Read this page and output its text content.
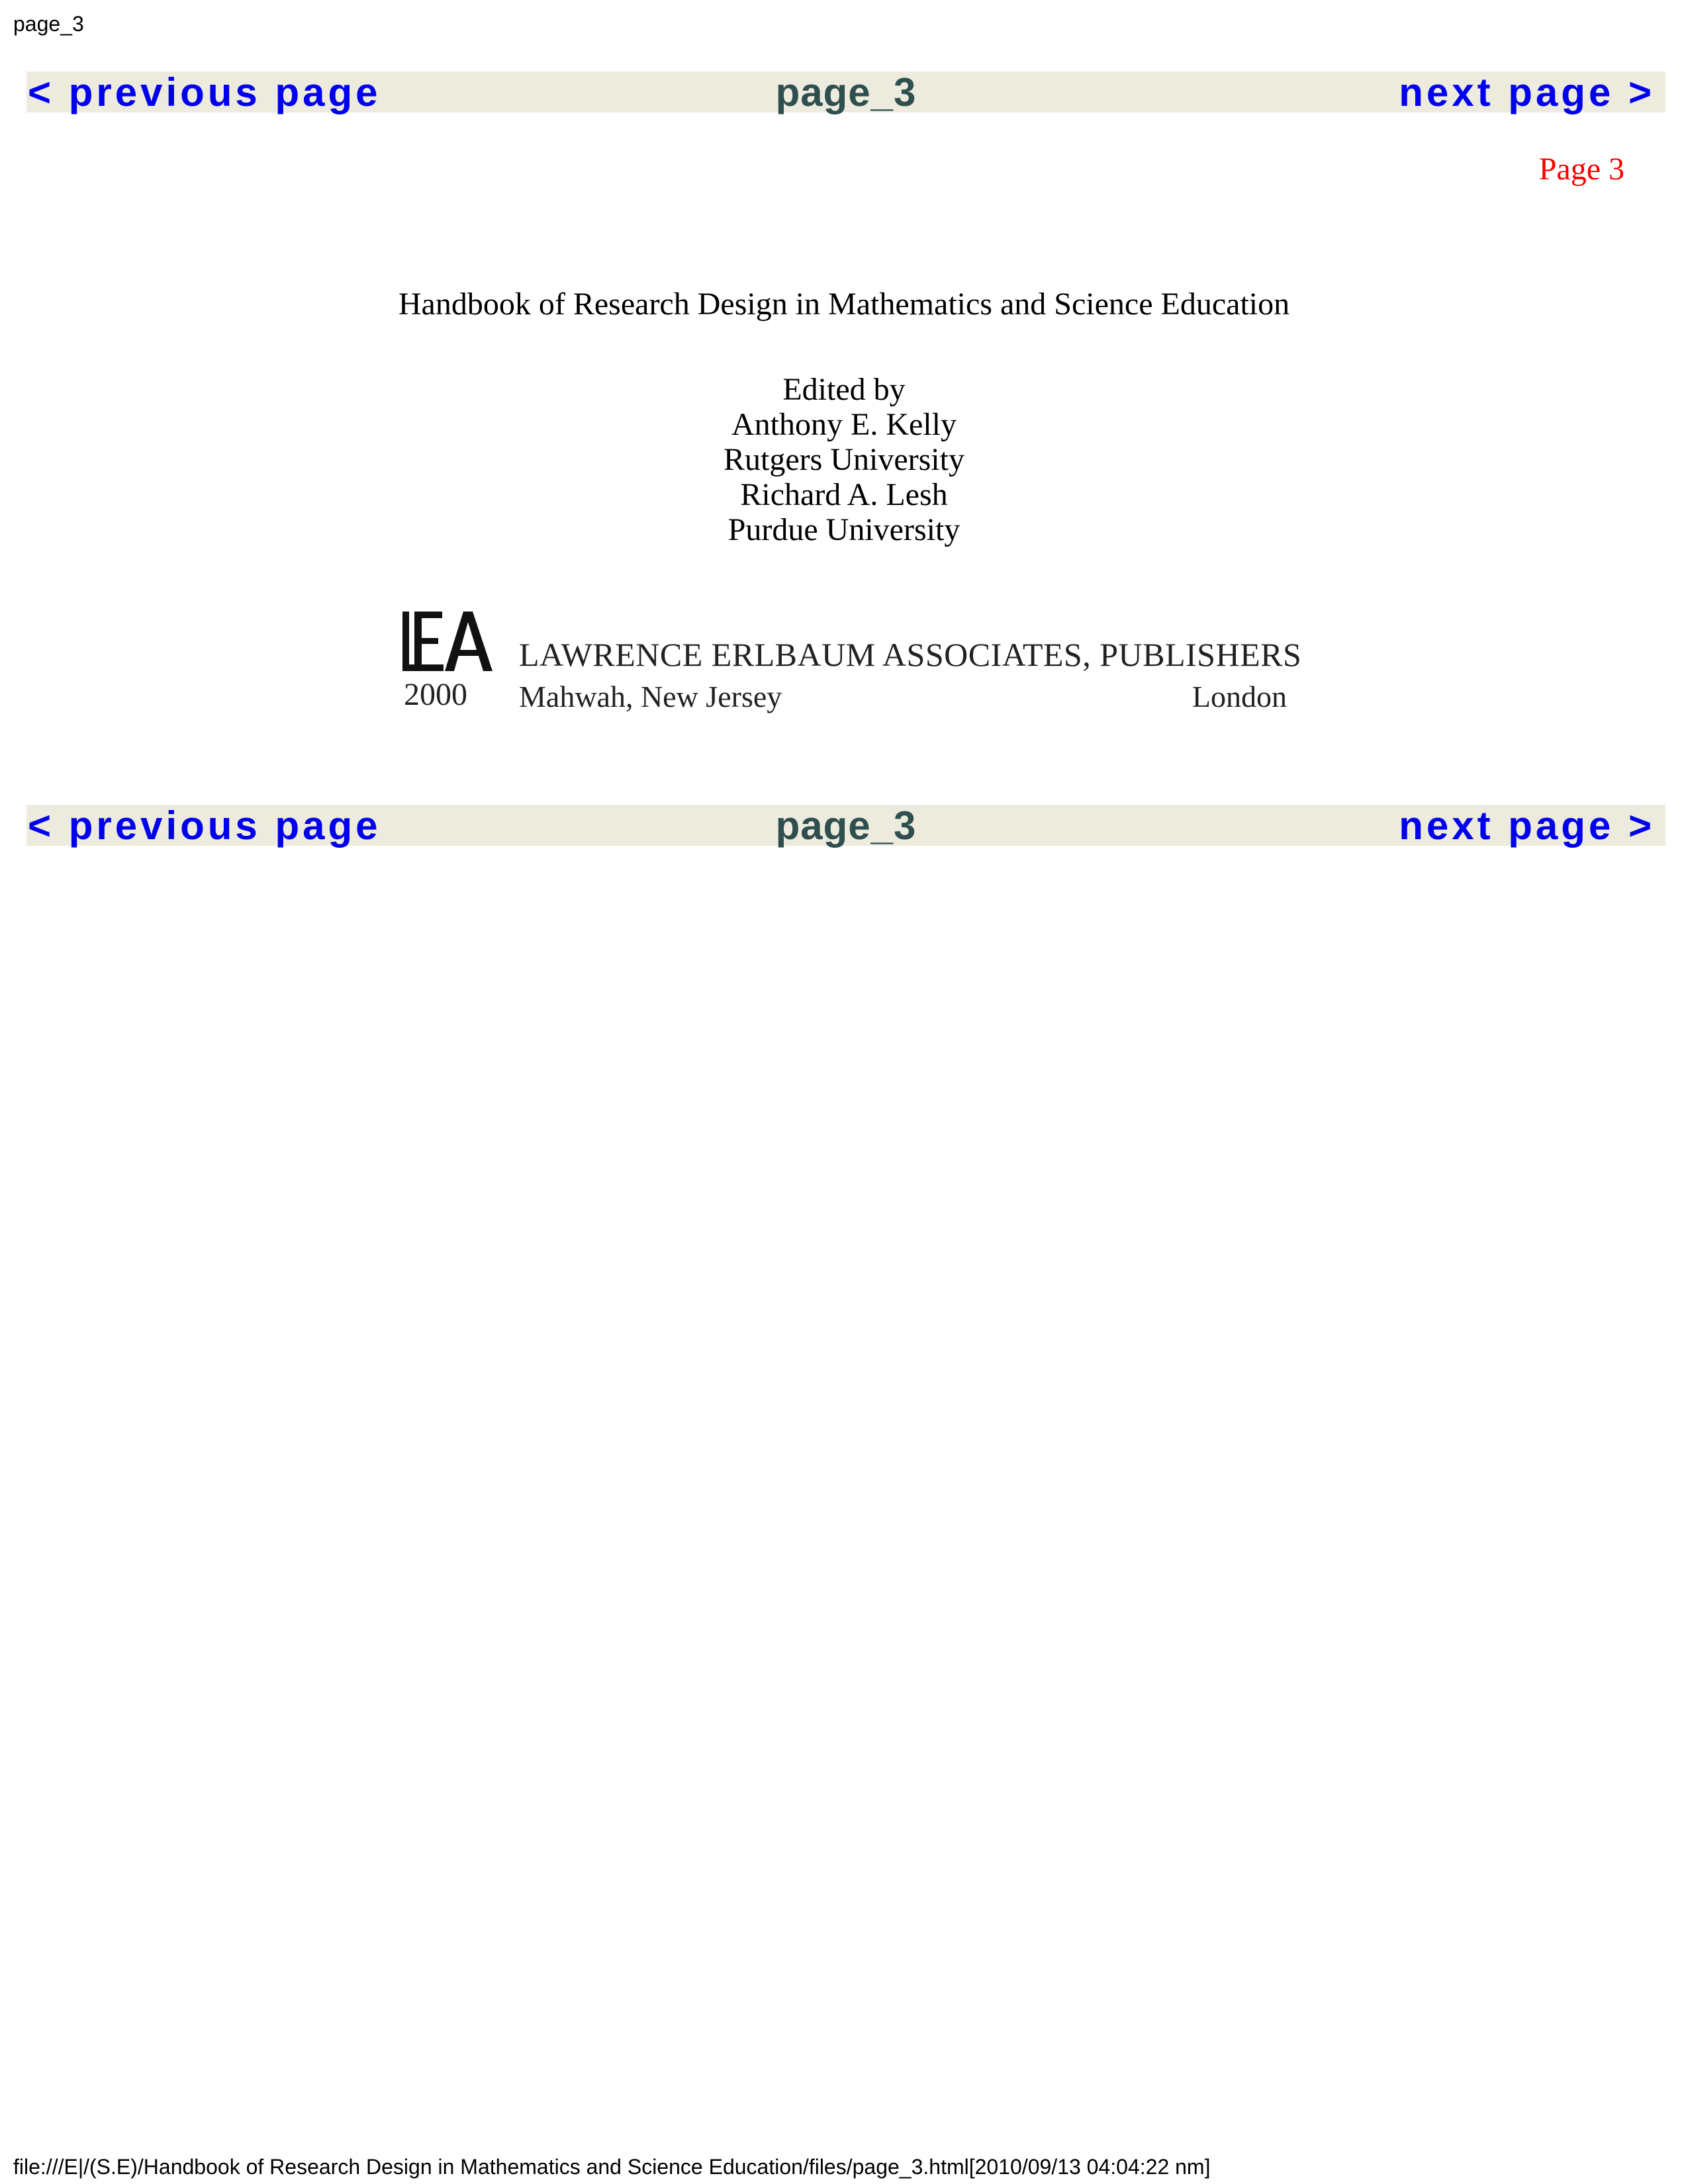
page_3
< previous page	page_3	next page >
Page 3
Handbook of Research Design in Mathematics and Science Education
Edited by
Anthony E. Kelly
Rutgers University
Richard A. Lesh
Purdue University
2000
LAWRENCE ERLBAUM ASSOCIATES, PUBLISHERS
Mahwah, New Jersey	London
< previous page	page_3	next page >
file:///E|/(S.E)/Handbook of Research Design in Mathematics and Science Education/files/page_3.html[2010/09/13 04:04:22 nm]
